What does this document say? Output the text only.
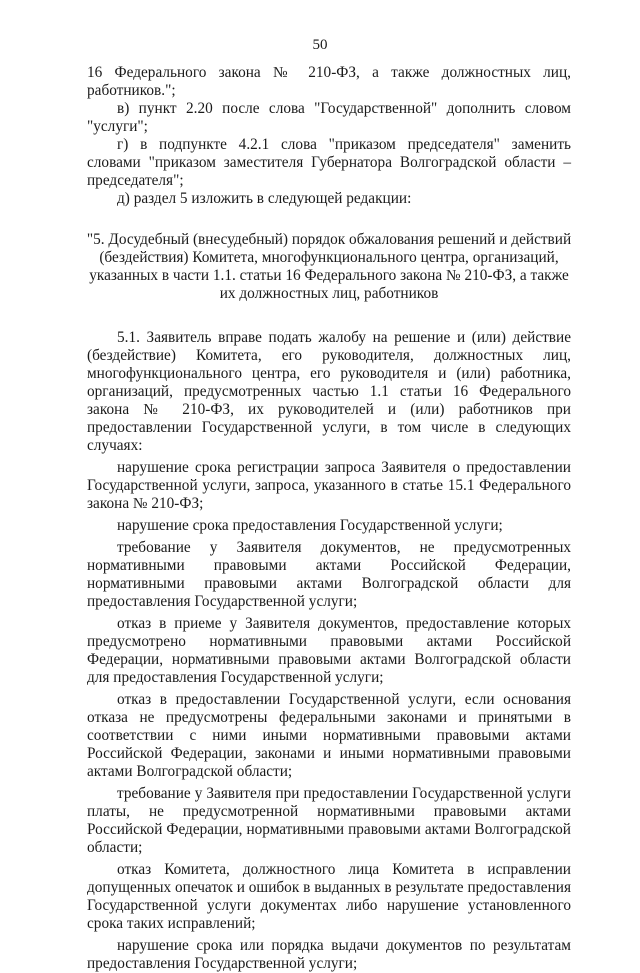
50

16 Федерального закона № 210-ФЗ, а также должностных лиц, работников.";

в) пункт 2.20 после слова "Государственной" дополнить словом "услуги";

г) в подпункте 4.2.1 слова "приказом председателя" заменить словами "приказом заместителя Губернатора Волгоградской области – председателя";

д) раздел 5 изложить в следующей редакции:

"5. Досудебный (внесудебный) порядок обжалования решений и действий (бездействия) Комитета, многофункционального центра, организаций, указанных в части 1.1. статьи 16 Федерального закона № 210-ФЗ, а также их должностных лиц, работников

5.1. Заявитель вправе подать жалобу на решение и (или) действие (бездействие) Комитета, его руководителя, должностных лиц, многофункционального центра, его руководителя и (или) работника, организаций, предусмотренных частью 1.1 статьи 16 Федерального закона № 210-ФЗ, их руководителей и (или) работников при предоставлении Государственной услуги, в том числе в следующих случаях:

нарушение срока регистрации запроса Заявителя о предоставлении Государственной услуги, запроса, указанного в статье 15.1 Федерального закона № 210-ФЗ;

нарушение срока предоставления Государственной услуги;

требование у Заявителя документов, не предусмотренных нормативными правовыми актами Российской Федерации, нормативными правовыми актами Волгоградской области для предоставления Государственной услуги;

отказ в приеме у Заявителя документов, предоставление которых предусмотрено нормативными правовыми актами Российской Федерации, нормативными правовыми актами Волгоградской области для предоставления Государственной услуги;

отказ в предоставлении Государственной услуги, если основания отказа не предусмотрены федеральными законами и принятыми в соответствии с ними иными нормативными правовыми актами Российской Федерации, законами и иными нормативными правовыми актами Волгоградской области;

требование у Заявителя при предоставлении Государственной услуги платы, не предусмотренной нормативными правовыми актами Российской Федерации, нормативными правовыми актами Волгоградской области;

отказ Комитета, должностного лица Комитета в исправлении допущенных опечаток и ошибок в выданных в результате предоставления Государственной услуги документах либо нарушение установленного срока таких исправлений;

нарушение срока или порядка выдачи документов по результатам предоставления Государственной услуги;
